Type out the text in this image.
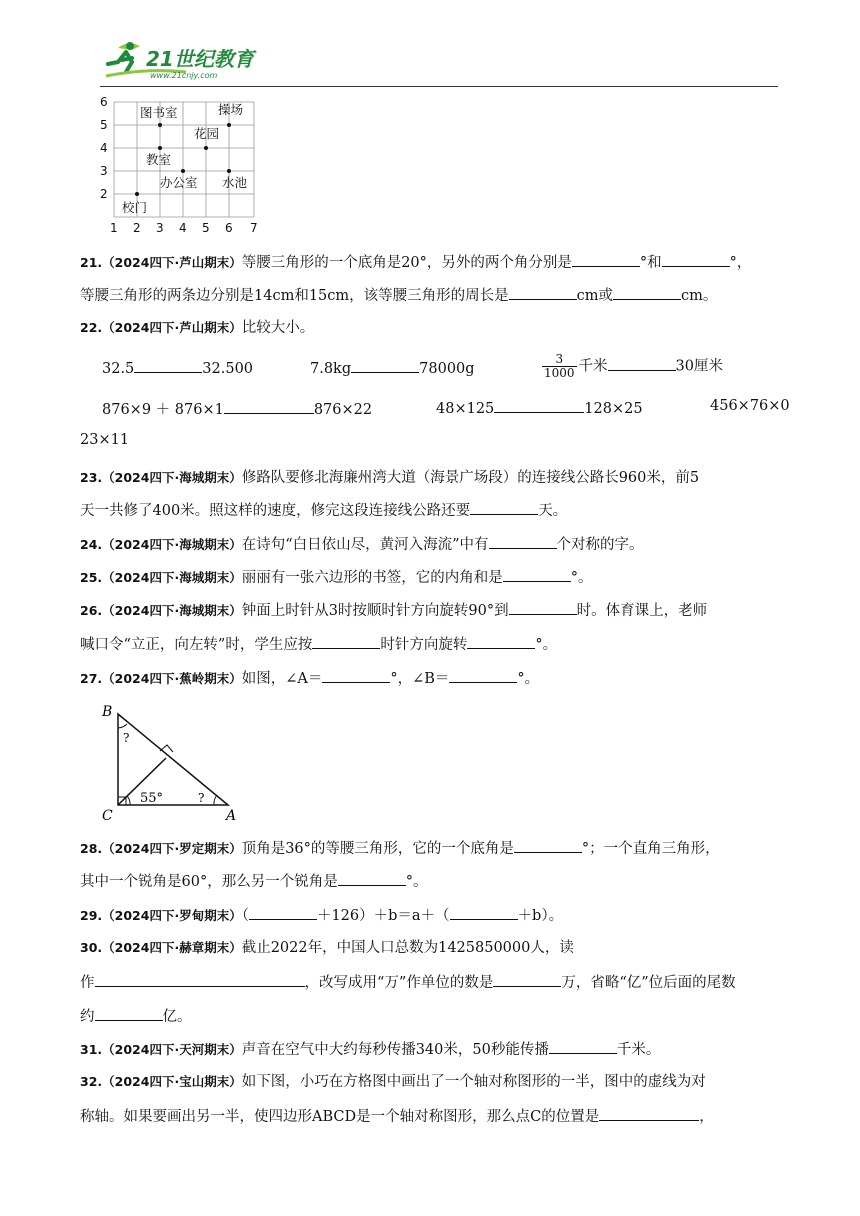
21世纪教育
www.21cnjy.com
6
5
4
3
2
1 2 3 4 5 6 7
图书室	操场
花园
教室
办公室 水池
校门
21.（2024四下·芦山期末）等腰三角形的一个底角是20°，另外的两个角分别是	°和	°，
等腰三角形的两条边分别是14cm和15cm，该等腰三角形的周长是	cm或	cm。
22.（2024四下·芦山期末）比较大小。
32.5	32.500	7.8kg	78000g	$\frac{3}{1000}$ 千米	30厘米
876×9 ＋ 876×1	876×22	48×125	128×25	456×76×0
23×11
23.（2024四下·海城期末）修路队要修北海廉州湾大道（海景广场段）的连接线公路长960米，前5
天一共修了400米。照这样的速度，修完这段连接线公路还要	天。
24.（2024四下·海城期末）在诗句“白日依山尽，黄河入海流”中有	个对称的字。
25.（2024四下·海城期末）丽丽有一张六边形的书签，它的内角和是	°。
26.（2024四下·海城期末）钟面上时针从3时按顺时针方向旋转90°到	时。体育课上，老师
喊口令“立正，向左转”时，学生应按	时针方向旋转	°。
27.（2024四下·蕉岭期末）如图，∠A＝	°，∠B＝	°。
B
C	A
55°
?
?
28.（2024四下·罗定期末）顶角是36°的等腰三角形，它的一个底角是	°；一个直角三角形，
其中一个锐角是60°，那么另一个锐角是	°。
29.（2024四下·罗甸期末）（	＋126）＋b＝a＋（	＋b）。
30.（2024四下·赫章期末）截止2022年，中国人口总数为1425850000人，读
作	，改写成用“万”作单位的数是	万，省略“亿”位后面的尾数
约	亿。
31.（2024四下·天河期末）声音在空气中大约每秒传播340米，50秒能传播	千米。
32.（2024四下·宝山期末）如下图，小巧在方格图中画出了一个轴对称图形的一半，图中的虚线为对
称轴。如果要画出另一半，使四边形ABCD是一个轴对称图形，那么点C的位置是	，
